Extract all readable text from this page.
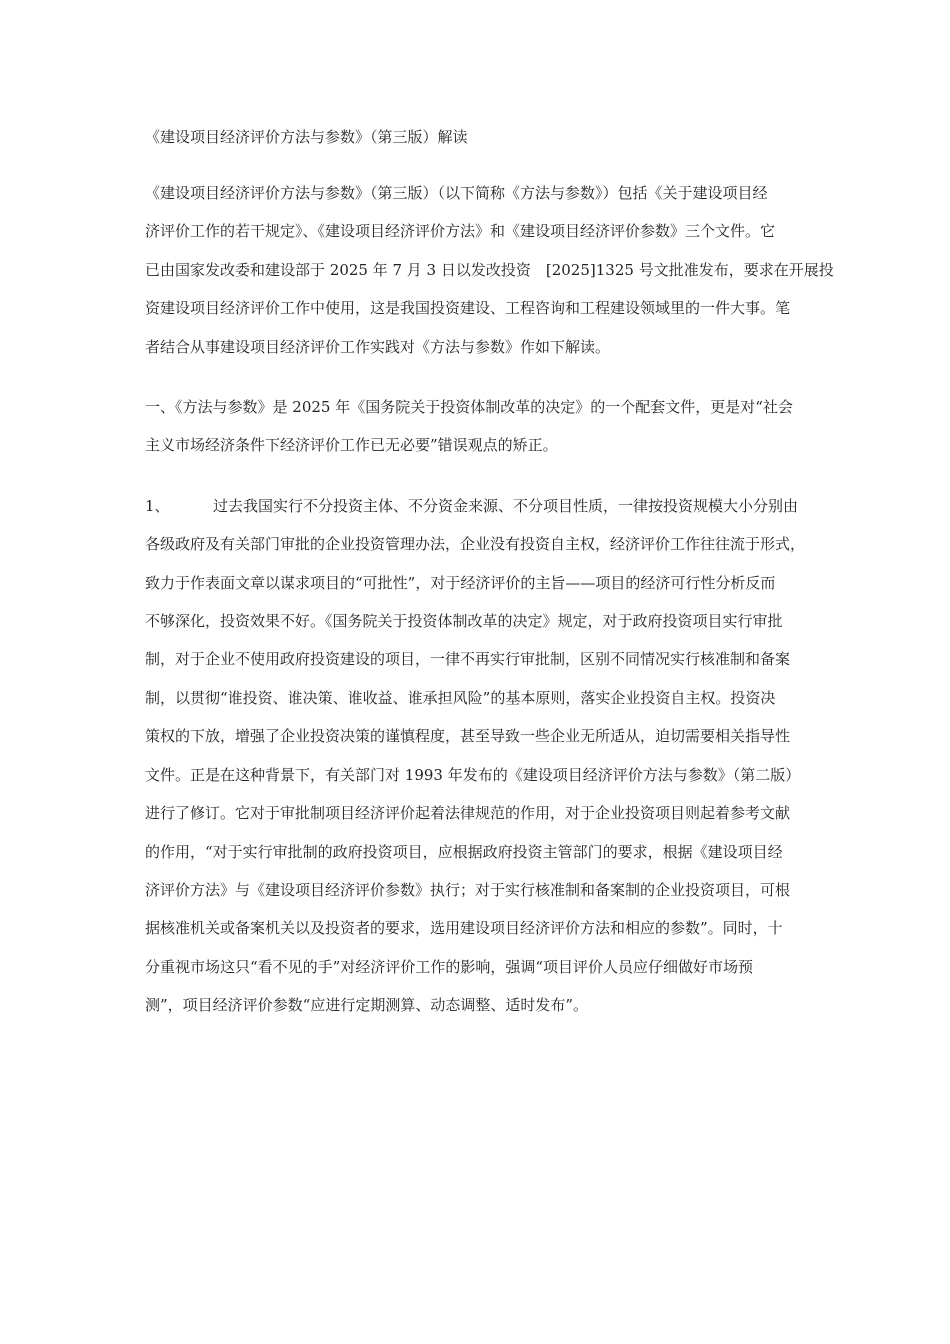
《建设项目经济评价方法与参数》（第三版）解读
《建设项目经济评价方法与参数》（第三版）（以下简称《方法与参数》）包括《关于建设项目经
济评价工作的若干规定》、《建设项目经济评价方法》和《建设项目经济评价参数》三个文件。它
已由国家发改委和建设部于 2025 年 7 月 3 日以发改投资　[2025]1325 号文批准发布，要求在开展投
资建设项目经济评价工作中使用，这是我国投资建设、工程咨询和工程建设领域里的一件大事。笔
者结合从事建设项目经济评价工作实践对《方法与参数》作如下解读。
一、《方法与参数》是 2025 年《国务院关于投资体制改革的决定》的一个配套文件，更是对“社会
主义市场经济条件下经济评价工作已无必要”错误观点的矫正。
1、	过去我国实行不分投资主体、不分资金来源、不分项目性质，一律按投资规模大小分别由
各级政府及有关部门审批的企业投资管理办法，企业没有投资自主权，经济评价工作往往流于形式，
致力于作表面文章以谋求项目的“可批性”，对于经济评价的主旨——项目的经济可行性分析反而
不够深化，投资效果不好。《国务院关于投资体制改革的决定》规定，对于政府投资项目实行审批
制，对于企业不使用政府投资建设的项目，一律不再实行审批制，区别不同情况实行核准制和备案
制，以贯彻“谁投资、谁决策、谁收益、谁承担风险”的基本原则，落实企业投资自主权。投资决
策权的下放，增强了企业投资决策的谨慎程度，甚至导致一些企业无所适从，迫切需要相关指导性
文件。正是在这种背景下，有关部门对 1993 年发布的《建设项目经济评价方法与参数》（第二版）
进行了修订。它对于审批制项目经济评价起着法律规范的作用，对于企业投资项目则起着参考文献
的作用，“对于实行审批制的政府投资项目，应根据政府投资主管部门的要求，根据《建设项目经
济评价方法》与《建设项目经济评价参数》执行；对于实行核准制和备案制的企业投资项目，可根
据核准机关或备案机关以及投资者的要求，选用建设项目经济评价方法和相应的参数”。同时，十
分重视市场这只“看不见的手”对经济评价工作的影响，强调“项目评价人员应仔细做好市场预
测”，项目经济评价参数“应进行定期测算、动态调整、适时发布”。
